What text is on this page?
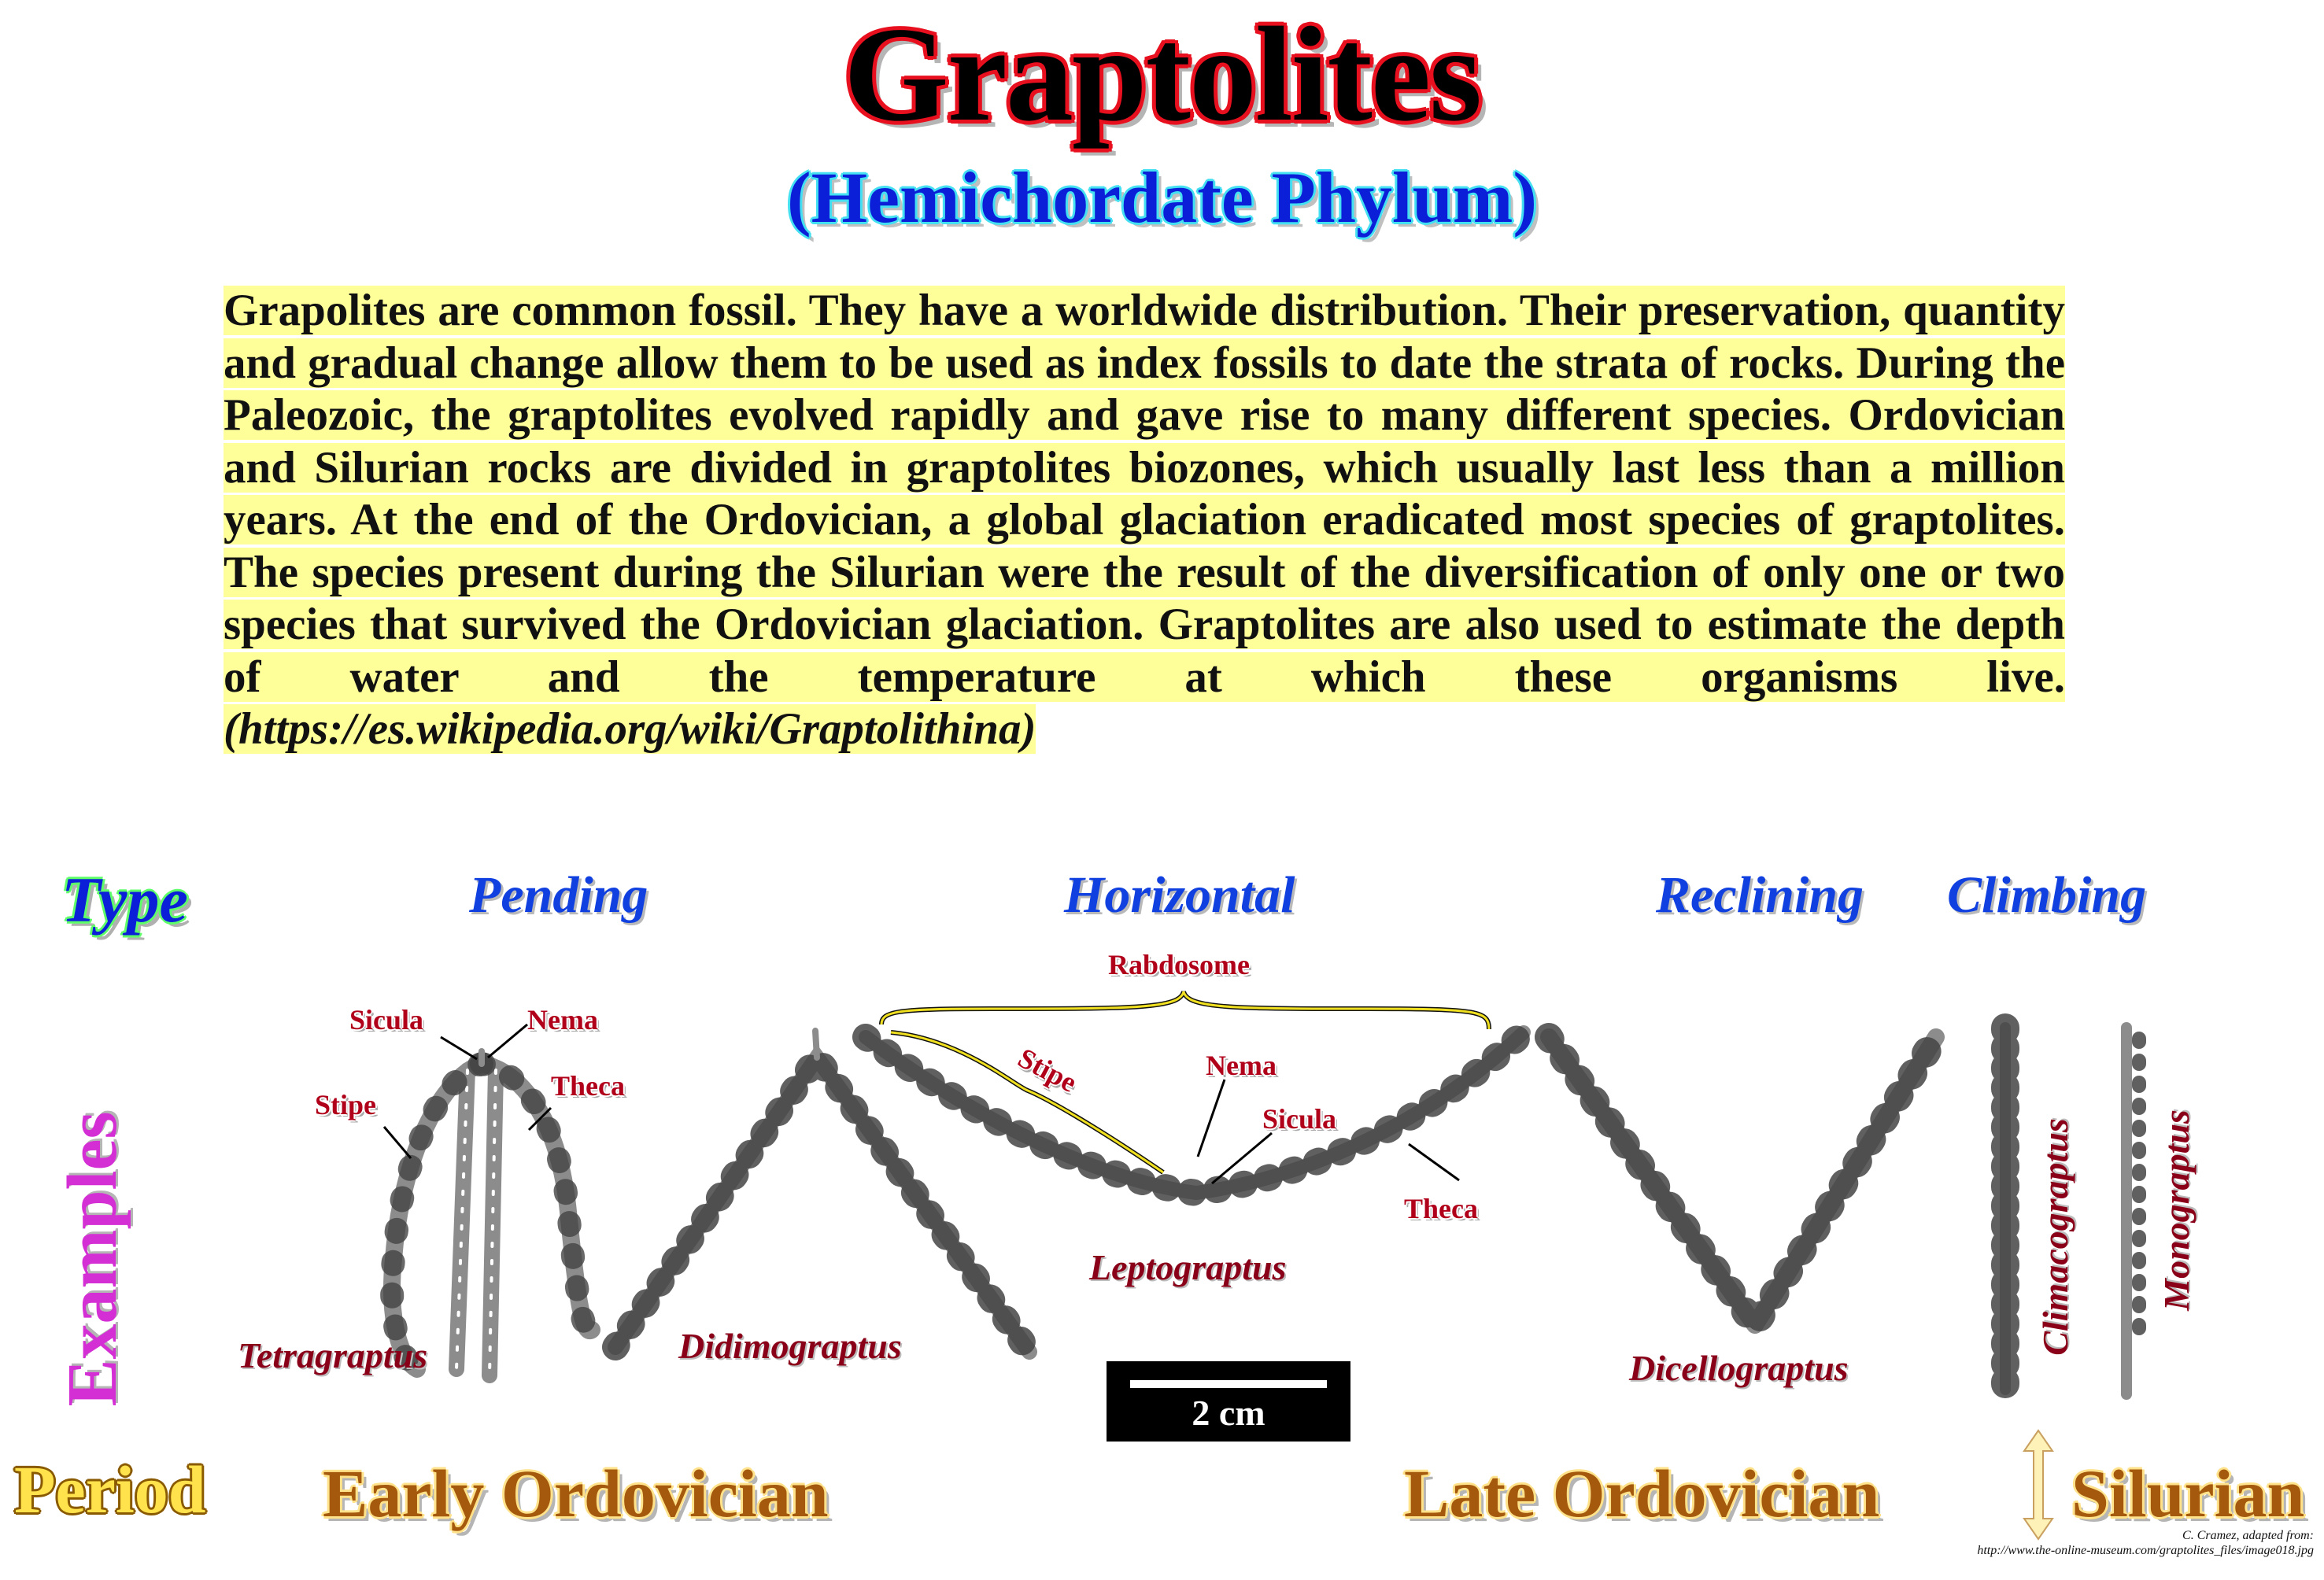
Graptolites
(Hemichordate Phylum)
Grapolites are common fossil. They have a worldwide distribution. Their preservation, quantity and gradual change allow them to be used as index fossils to date the strata of rocks. During the Paleozoic, the graptolites evolved rapidly and gave rise to many different species. Ordovician and Silurian rocks are divided in graptolites biozones, which usually last less than a million years. At the end of the Ordovician, a global glaciation eradicated most species of graptolites. The species present during the Silurian were the result of the diversification of only one or two species that survived the Ordovician glaciation. Graptolites are also used to estimate the depth of water and the temperature at which these organisms live. (https://es.wikipedia.org/wiki/Graptolithina)
Type
Examples
Period
Pending	Horizontal	Reclining Climbing
Sicula	Nema
Stipe
Theca
Rabdosome
Stipe	Nema
Sicula
Theca
Tetragraptus	Didimograptus
Leptograptus
Dicellograptus
Climacograptus Monograptus
2 cm
Early Ordovician	Late Ordovician	Silurian
C. Cramez, adapted from:
http://www.the-online-museum.com/graptolites_files/image018.jpg
